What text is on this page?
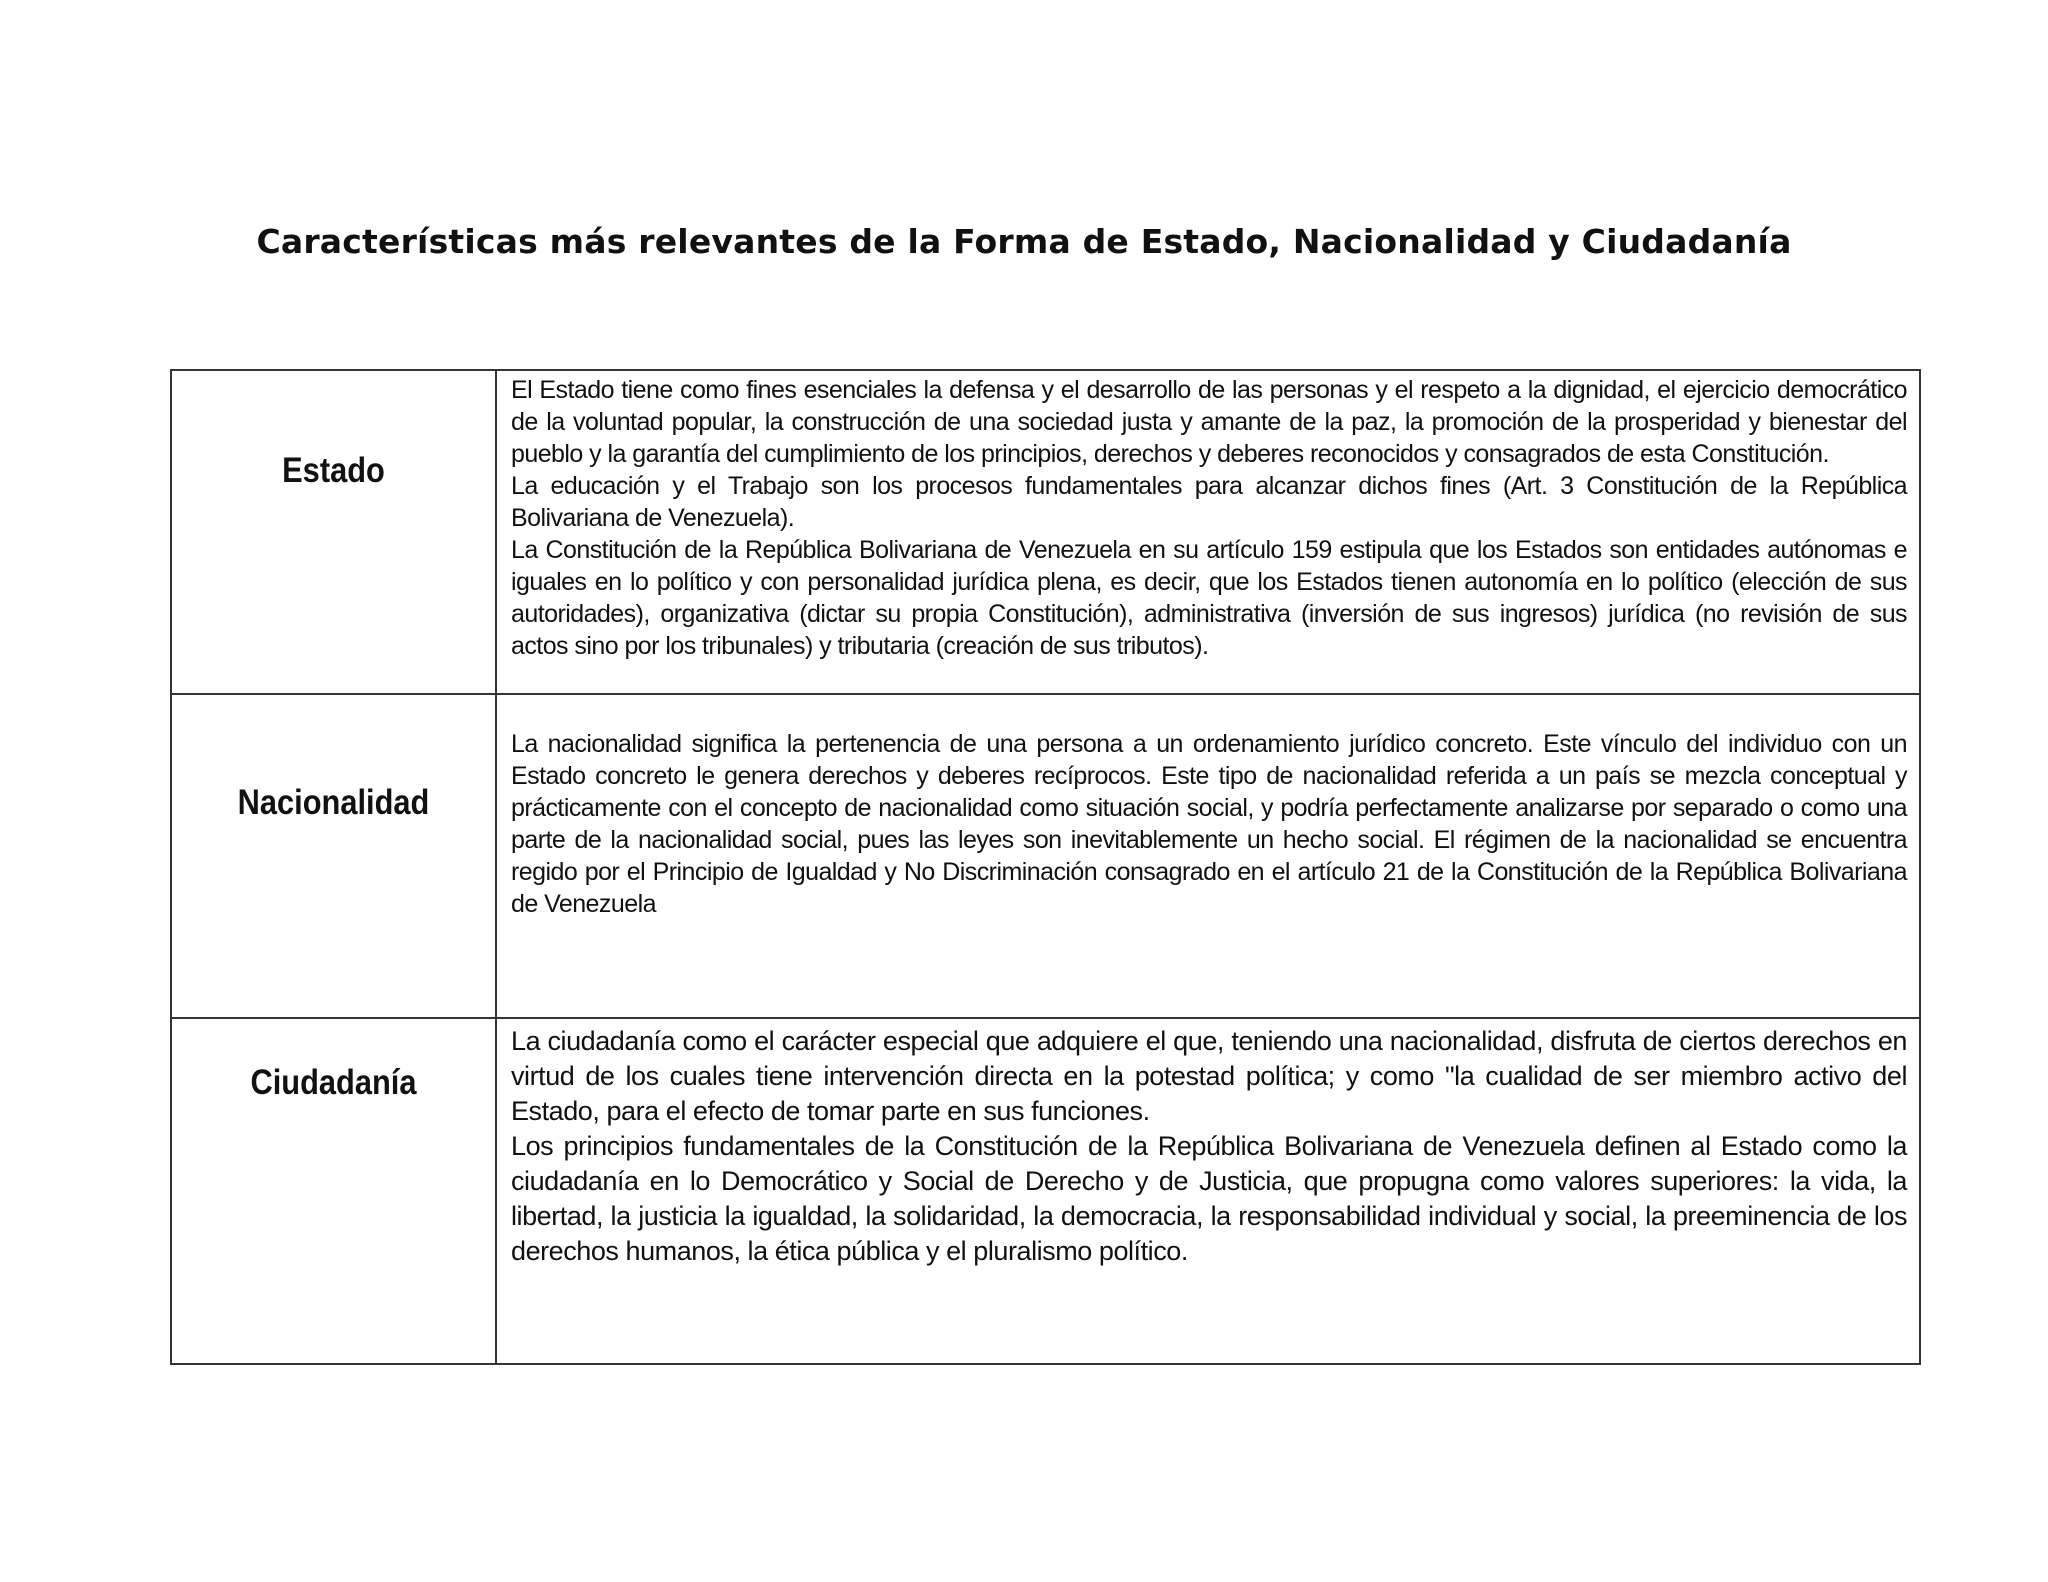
Características más relevantes de la Forma de Estado, Nacionalidad y Ciudadanía
Estado	El Estado tiene como fines esenciales la defensa y el desarrollo de las personas y el respeto a la dignidad, el ejercicio democrático de la voluntad popular, la construcción de una sociedad justa y amante de la paz, la promoción de la prosperidad y bienestar del pueblo y la garantía del cumplimiento de los principios, derechos y deberes reconocidos y consagrados de esta Constitución.

La educación y el Trabajo son los procesos fundamentales para alcanzar dichos fines (Art. 3 Constitución de la República Bolivariana de Venezuela).

La Constitución de la República Bolivariana de Venezuela en su artículo 159 estipula que los Estados son entidades autónomas e iguales en lo político y con personalidad jurídica plena, es decir, que los Estados tienen autonomía en lo político (elección de sus autoridades), organizativa (dictar su propia Constitución), administrativa (inversión de sus ingresos) jurídica (no revisión de sus actos sino por los tribunales) y tributaria (creación de sus tributos).

Nacionalidad	La nacionalidad significa la pertenencia de una persona a un ordenamiento jurídico concreto. Este vínculo del individuo con un Estado concreto le genera derechos y deberes recíprocos. Este tipo de nacionalidad referida a un país se mezcla conceptual y prácticamente con el concepto de nacionalidad como situación social, y podría perfectamente analizarse por separado o como una parte de la nacionalidad social, pues las leyes son inevitablemente un hecho social. El régimen de la nacionalidad se encuentra regido por el Principio de Igualdad y No Discriminación consagrado en el artículo 21 de la Constitución de la República Bolivariana de Venezuela

Ciudadanía	La ciudadanía como el carácter especial que adquiere el que, teniendo una nacionalidad, disfruta de ciertos derechos en virtud de los cuales tiene intervención directa en la potestad política; y como "la cualidad de ser miembro activo del Estado, para el efecto de tomar parte en sus funciones.

Los principios fundamentales de la Constitución de la República Bolivariana de Venezuela definen al Estado como la ciudadanía en lo Democrático y Social de Derecho y de Justicia, que propugna como valores superiores: la vida, la libertad, la justicia la igualdad, la solidaridad, la democracia, la responsabilidad individual y social, la preeminencia de los derechos humanos, la ética pública y el pluralismo político.
